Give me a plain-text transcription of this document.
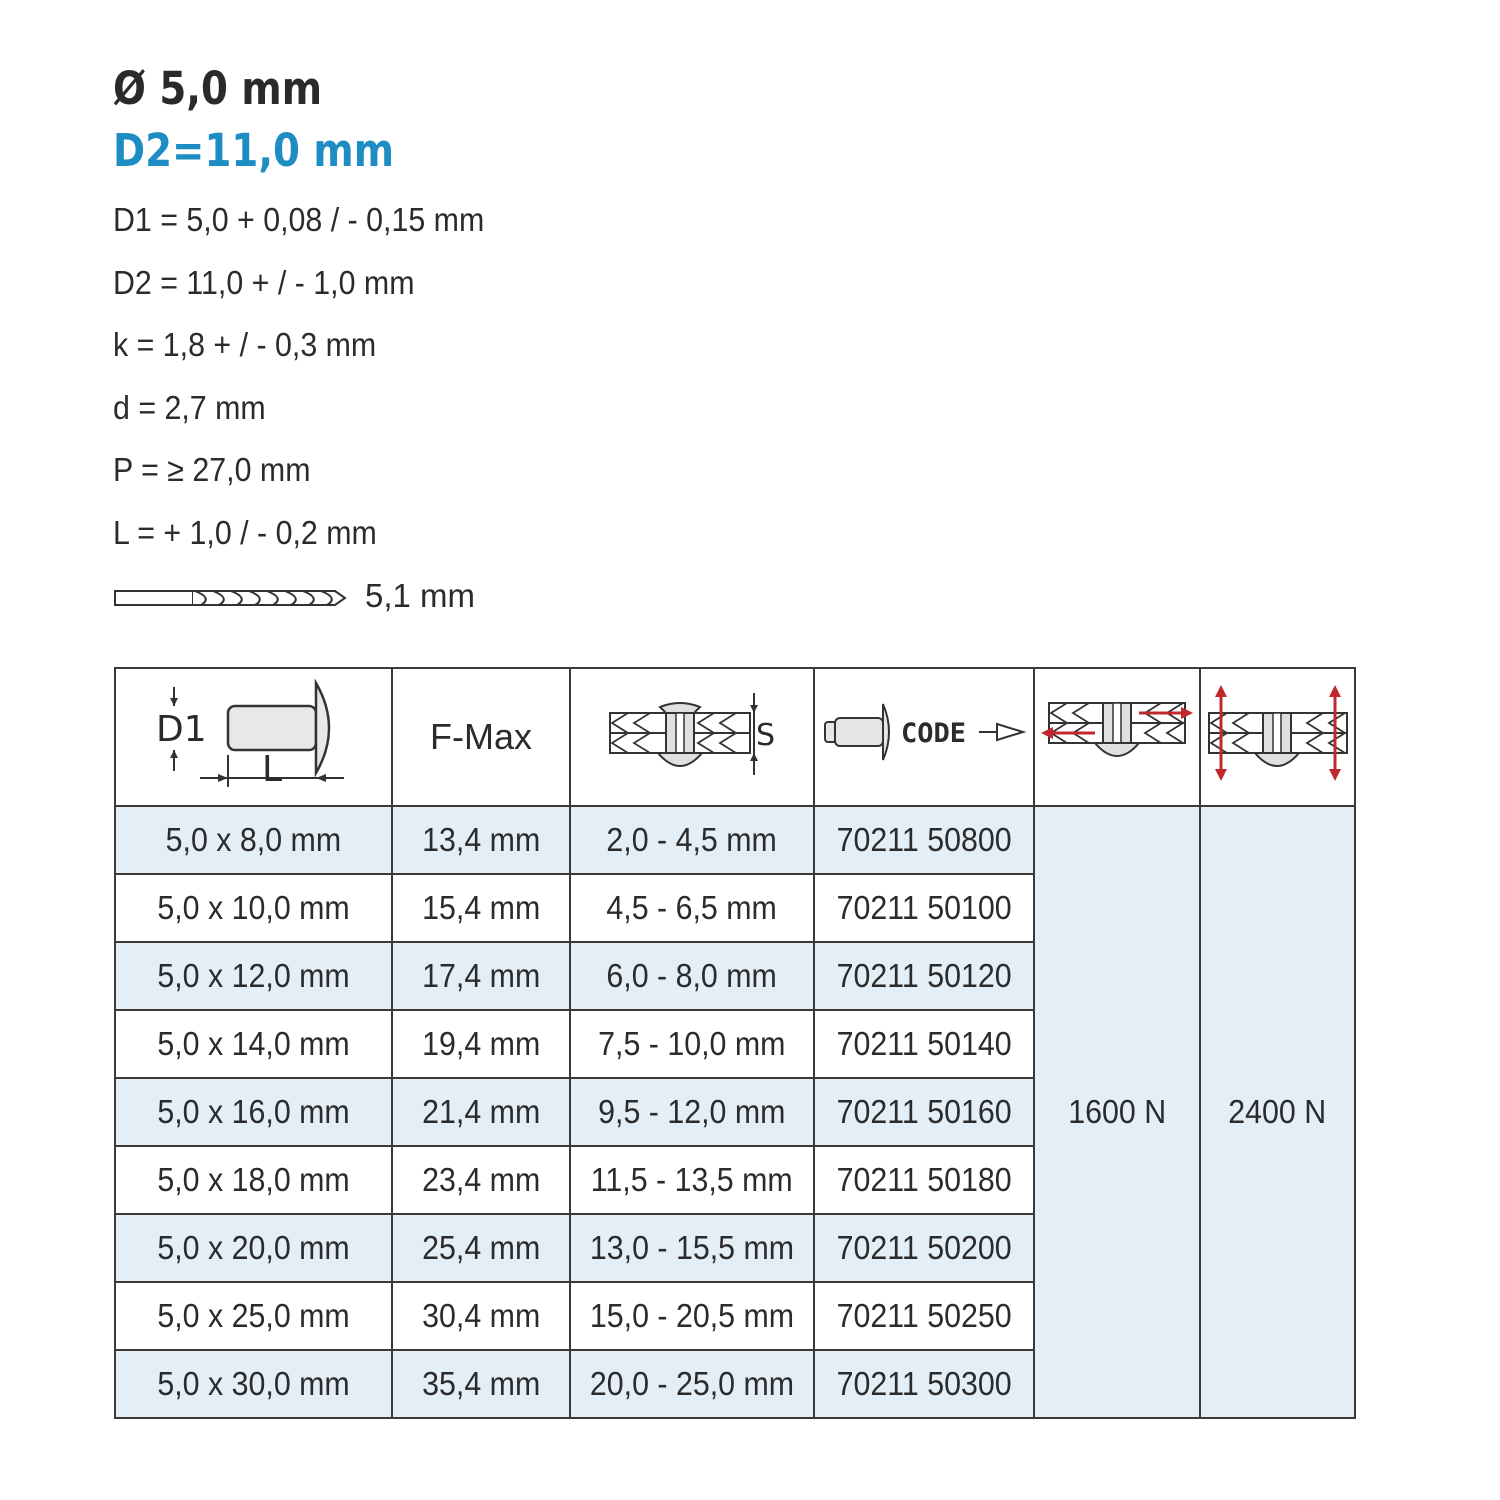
Ø 5,0 mm
D2=11,0 mm
D1 = 5,0 + 0,08 / - 0,15 mm
D2 = 11,0 + / - 1,0 mm
k = 1,8 + / - 0,3 mm
d = 2,7 mm
P = ≥ 27,0 mm
L = + 1,0 / - 0,2 mm
5,1 mm
D1
L	F-Max	S	CODE

5,0 x 8,0 mm	13,4 mm	2,0 - 4,5 mm	70211 50800	1600 N	2400 N
5,0 x 10,0 mm	15,4 mm	4,5 - 6,5 mm	70211 50100		
5,0 x 12,0 mm	17,4 mm	6,0 - 8,0 mm	70211 50120		
5,0 x 14,0 mm	19,4 mm	7,5 - 10,0 mm	70211 50140		
5,0 x 16,0 mm	21,4 mm	9,5 - 12,0 mm	70211 50160		
5,0 x 18,0 mm	23,4 mm	11,5 - 13,5 mm	70211 50180		
5,0 x 20,0 mm	25,4 mm	13,0 - 15,5 mm	70211 50200		
5,0 x 25,0 mm	30,4 mm	15,0 - 20,5 mm	70211 50250		
5,0 x 30,0 mm	35,4 mm	20,0 - 25,0 mm	70211 50300		
